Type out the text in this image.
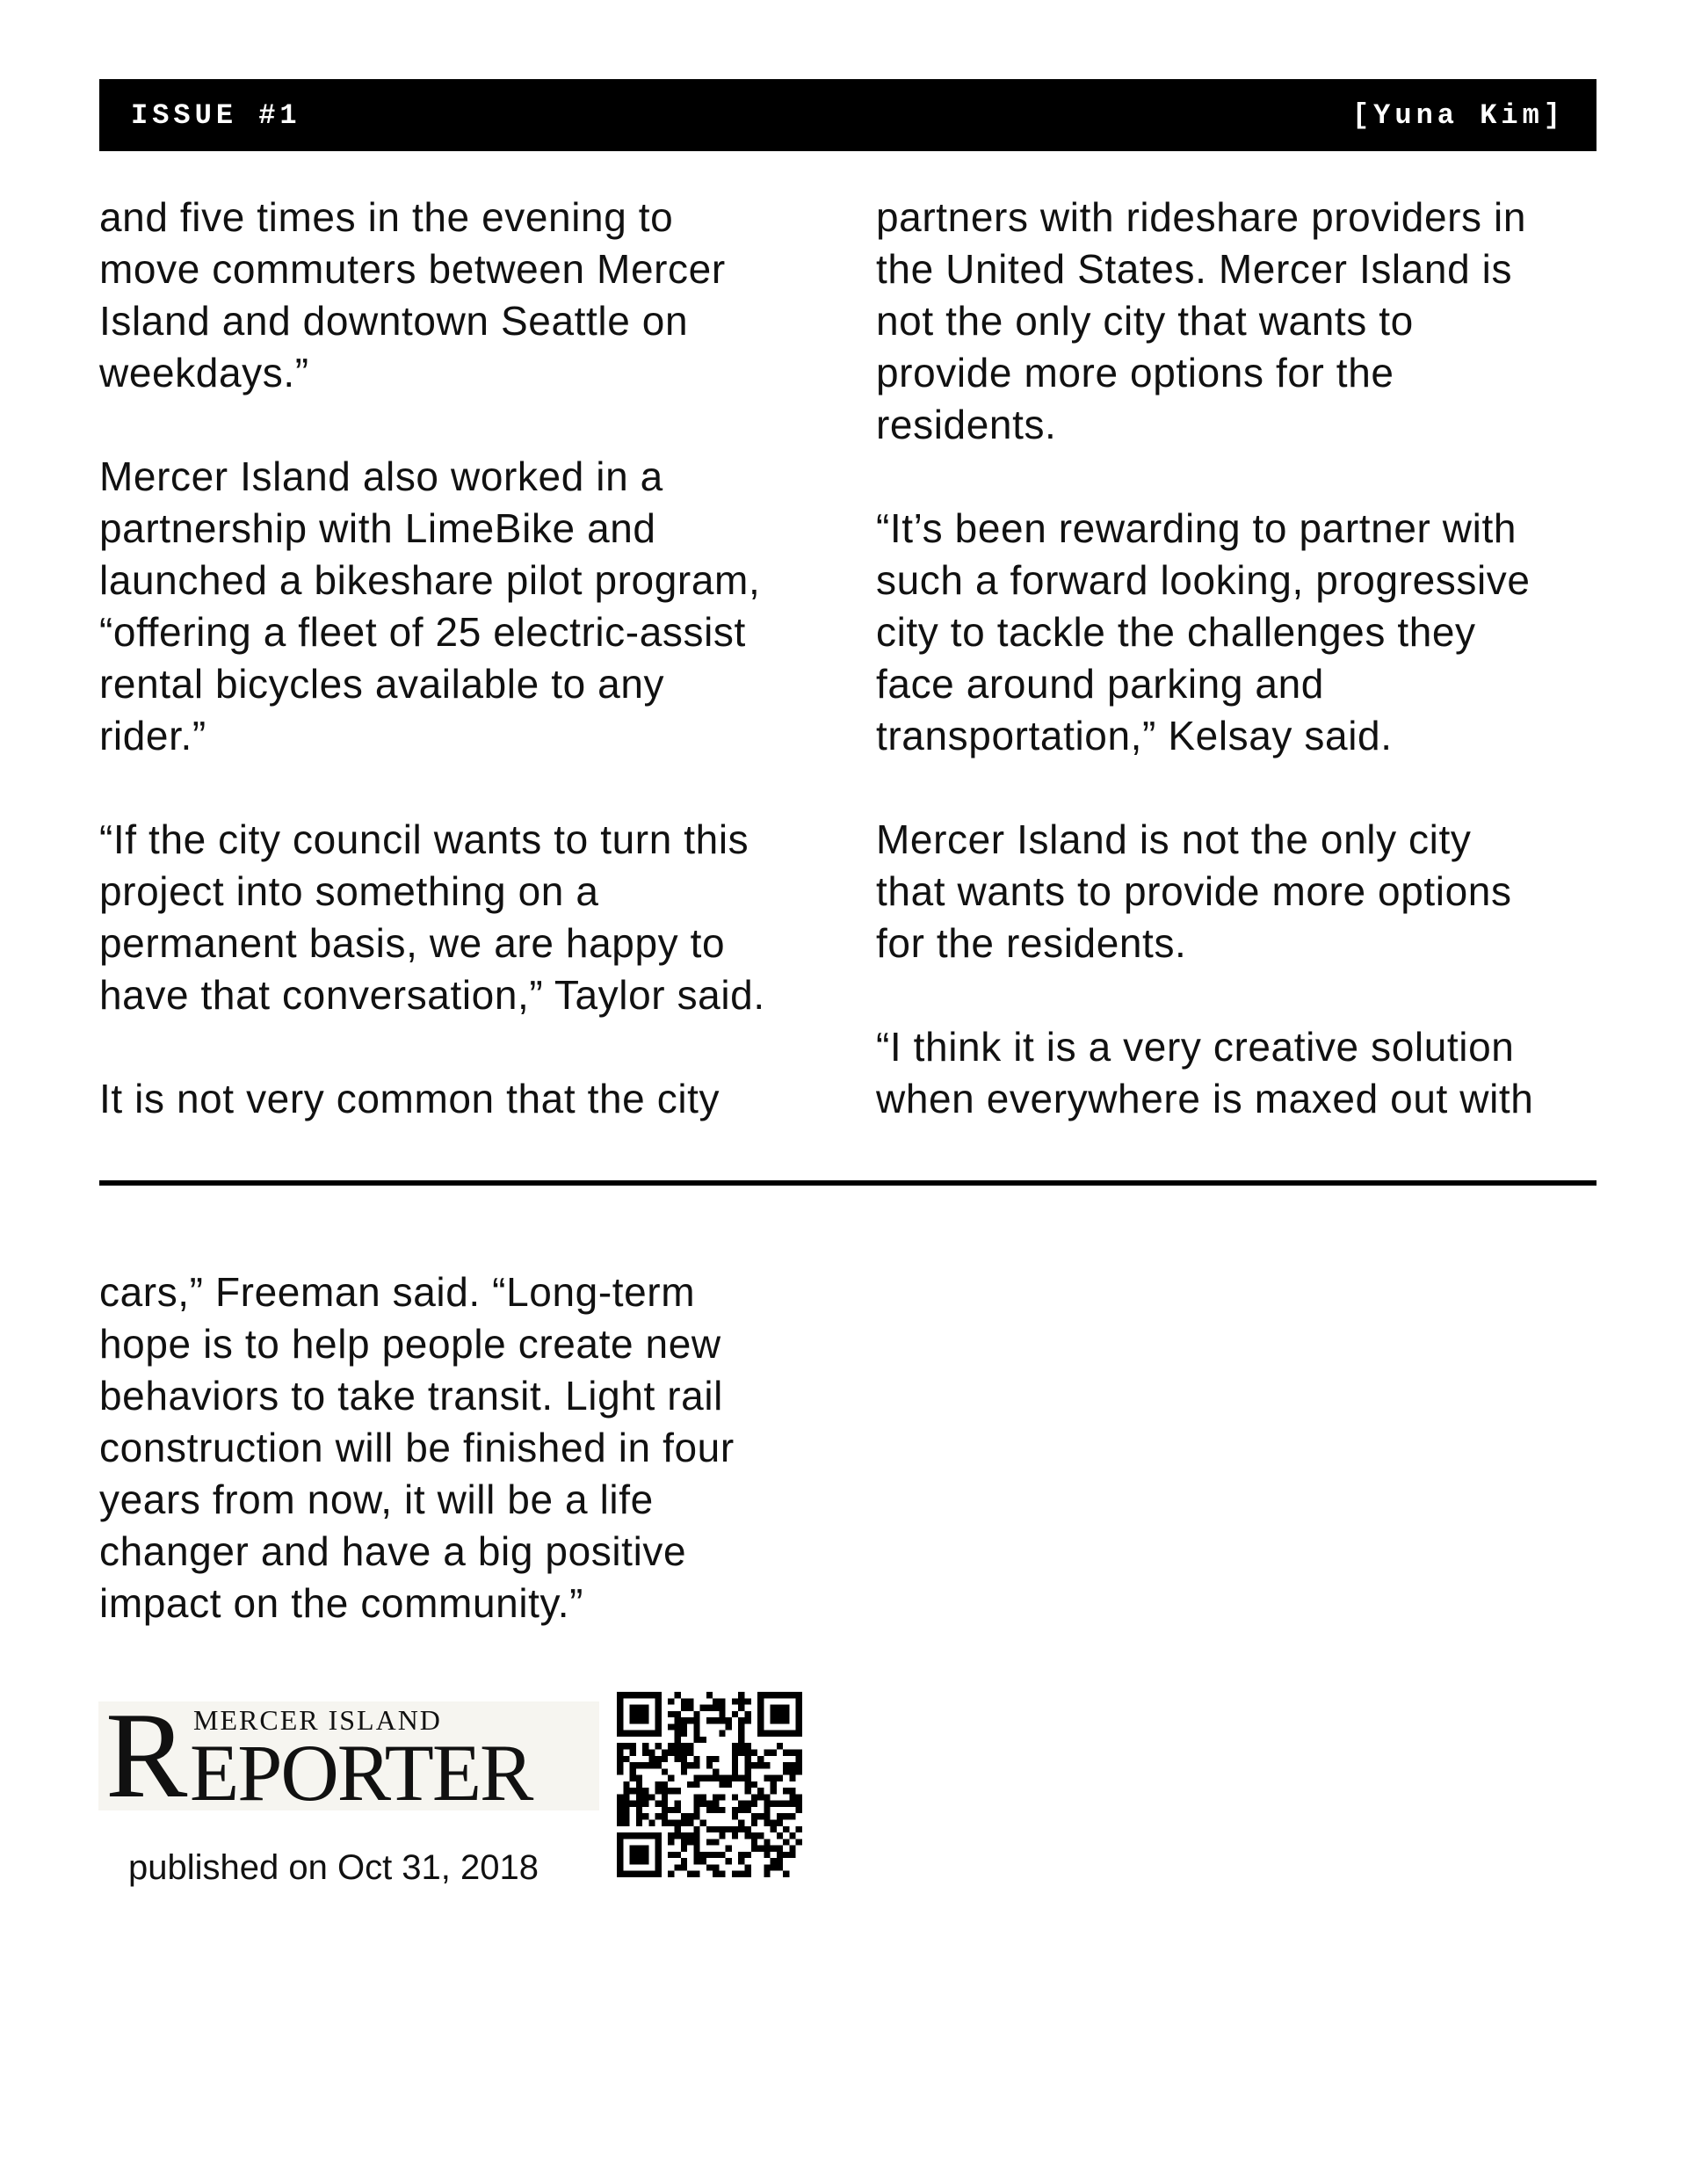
ISSUE #1	[Yuna Kim]
and five times in the evening to
move commuters between Mercer
Island and downtown Seattle on
weekdays.”
Mercer Island also worked in a
partnership with LimeBike and
launched a bikeshare pilot program,
“offering a fleet of 25 electric-assist
rental bicycles available to any
rider.”
“If the city council wants to turn this
project into something on a
permanent basis, we are happy to
have that conversation,” Taylor said.
It is not very common that the city
partners with rideshare providers in
the United States. Mercer Island is
not the only city that wants to
provide more options for the
residents.
“It’s been rewarding to partner with
such a forward looking, progressive
city to tackle the challenges they
face around parking and
transportation,” Kelsay said.
Mercer Island is not the only city
that wants to provide more options
for the residents.
“I think it is a very creative solution
when everywhere is maxed out with
cars,” Freeman said. “Long-term
hope is to help people create new
behaviors to take transit. Light rail
construction will be finished in four
years from now, it will be a life
changer and have a big positive
impact on the community.”
R MERCER ISLAND
EPORTER
published on Oct 31, 2018
